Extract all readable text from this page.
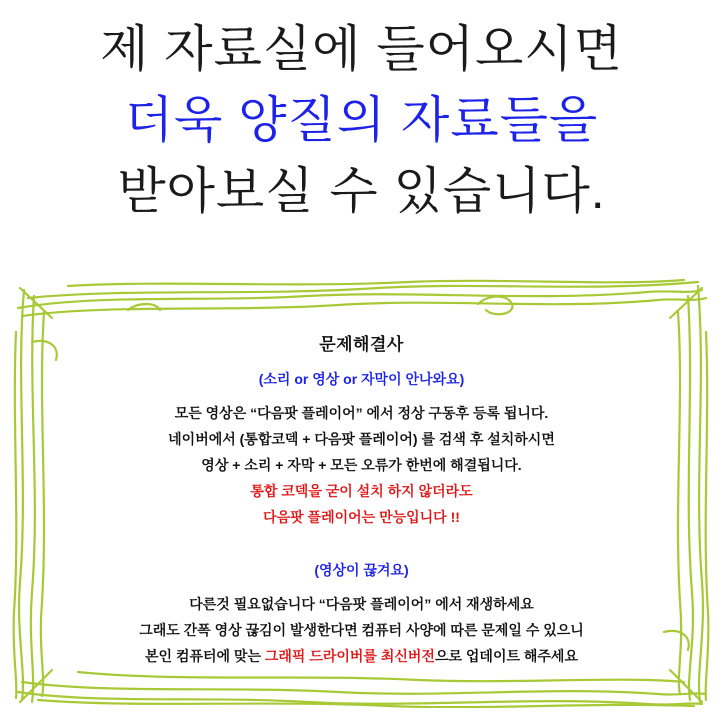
제 자료실에 들어오시면
더욱 양질의 자료들을
받아보실 수 있습니다.
문제해결사
(소리 or 영상 or 자막이 안나와요)
모든 영상은 “다음팟 플레이어” 에서 정상 구동후 등록 됩니다.
네이버에서 (통합코덱 + 다음팟 플레이어) 를 검색 후 설치하시면
영상 + 소리 + 자막 + 모든 오류가 한번에 해결됩니다.
통합 코덱을 굳이 설치 하지 않더라도
다음팟 플레이어는 만능입니다 !!
(영상이 끊겨요)
다른것 필요없습니다 “다음팟 플레이어” 에서 재생하세요
그래도 간폭 영상 끊김이 발생한다면 컴퓨터 사양에 따른 문제일 수 있으니
본인 컴퓨터에 맞는 그래픽 드라이버를 최신버전으로 업데이트 해주세요
